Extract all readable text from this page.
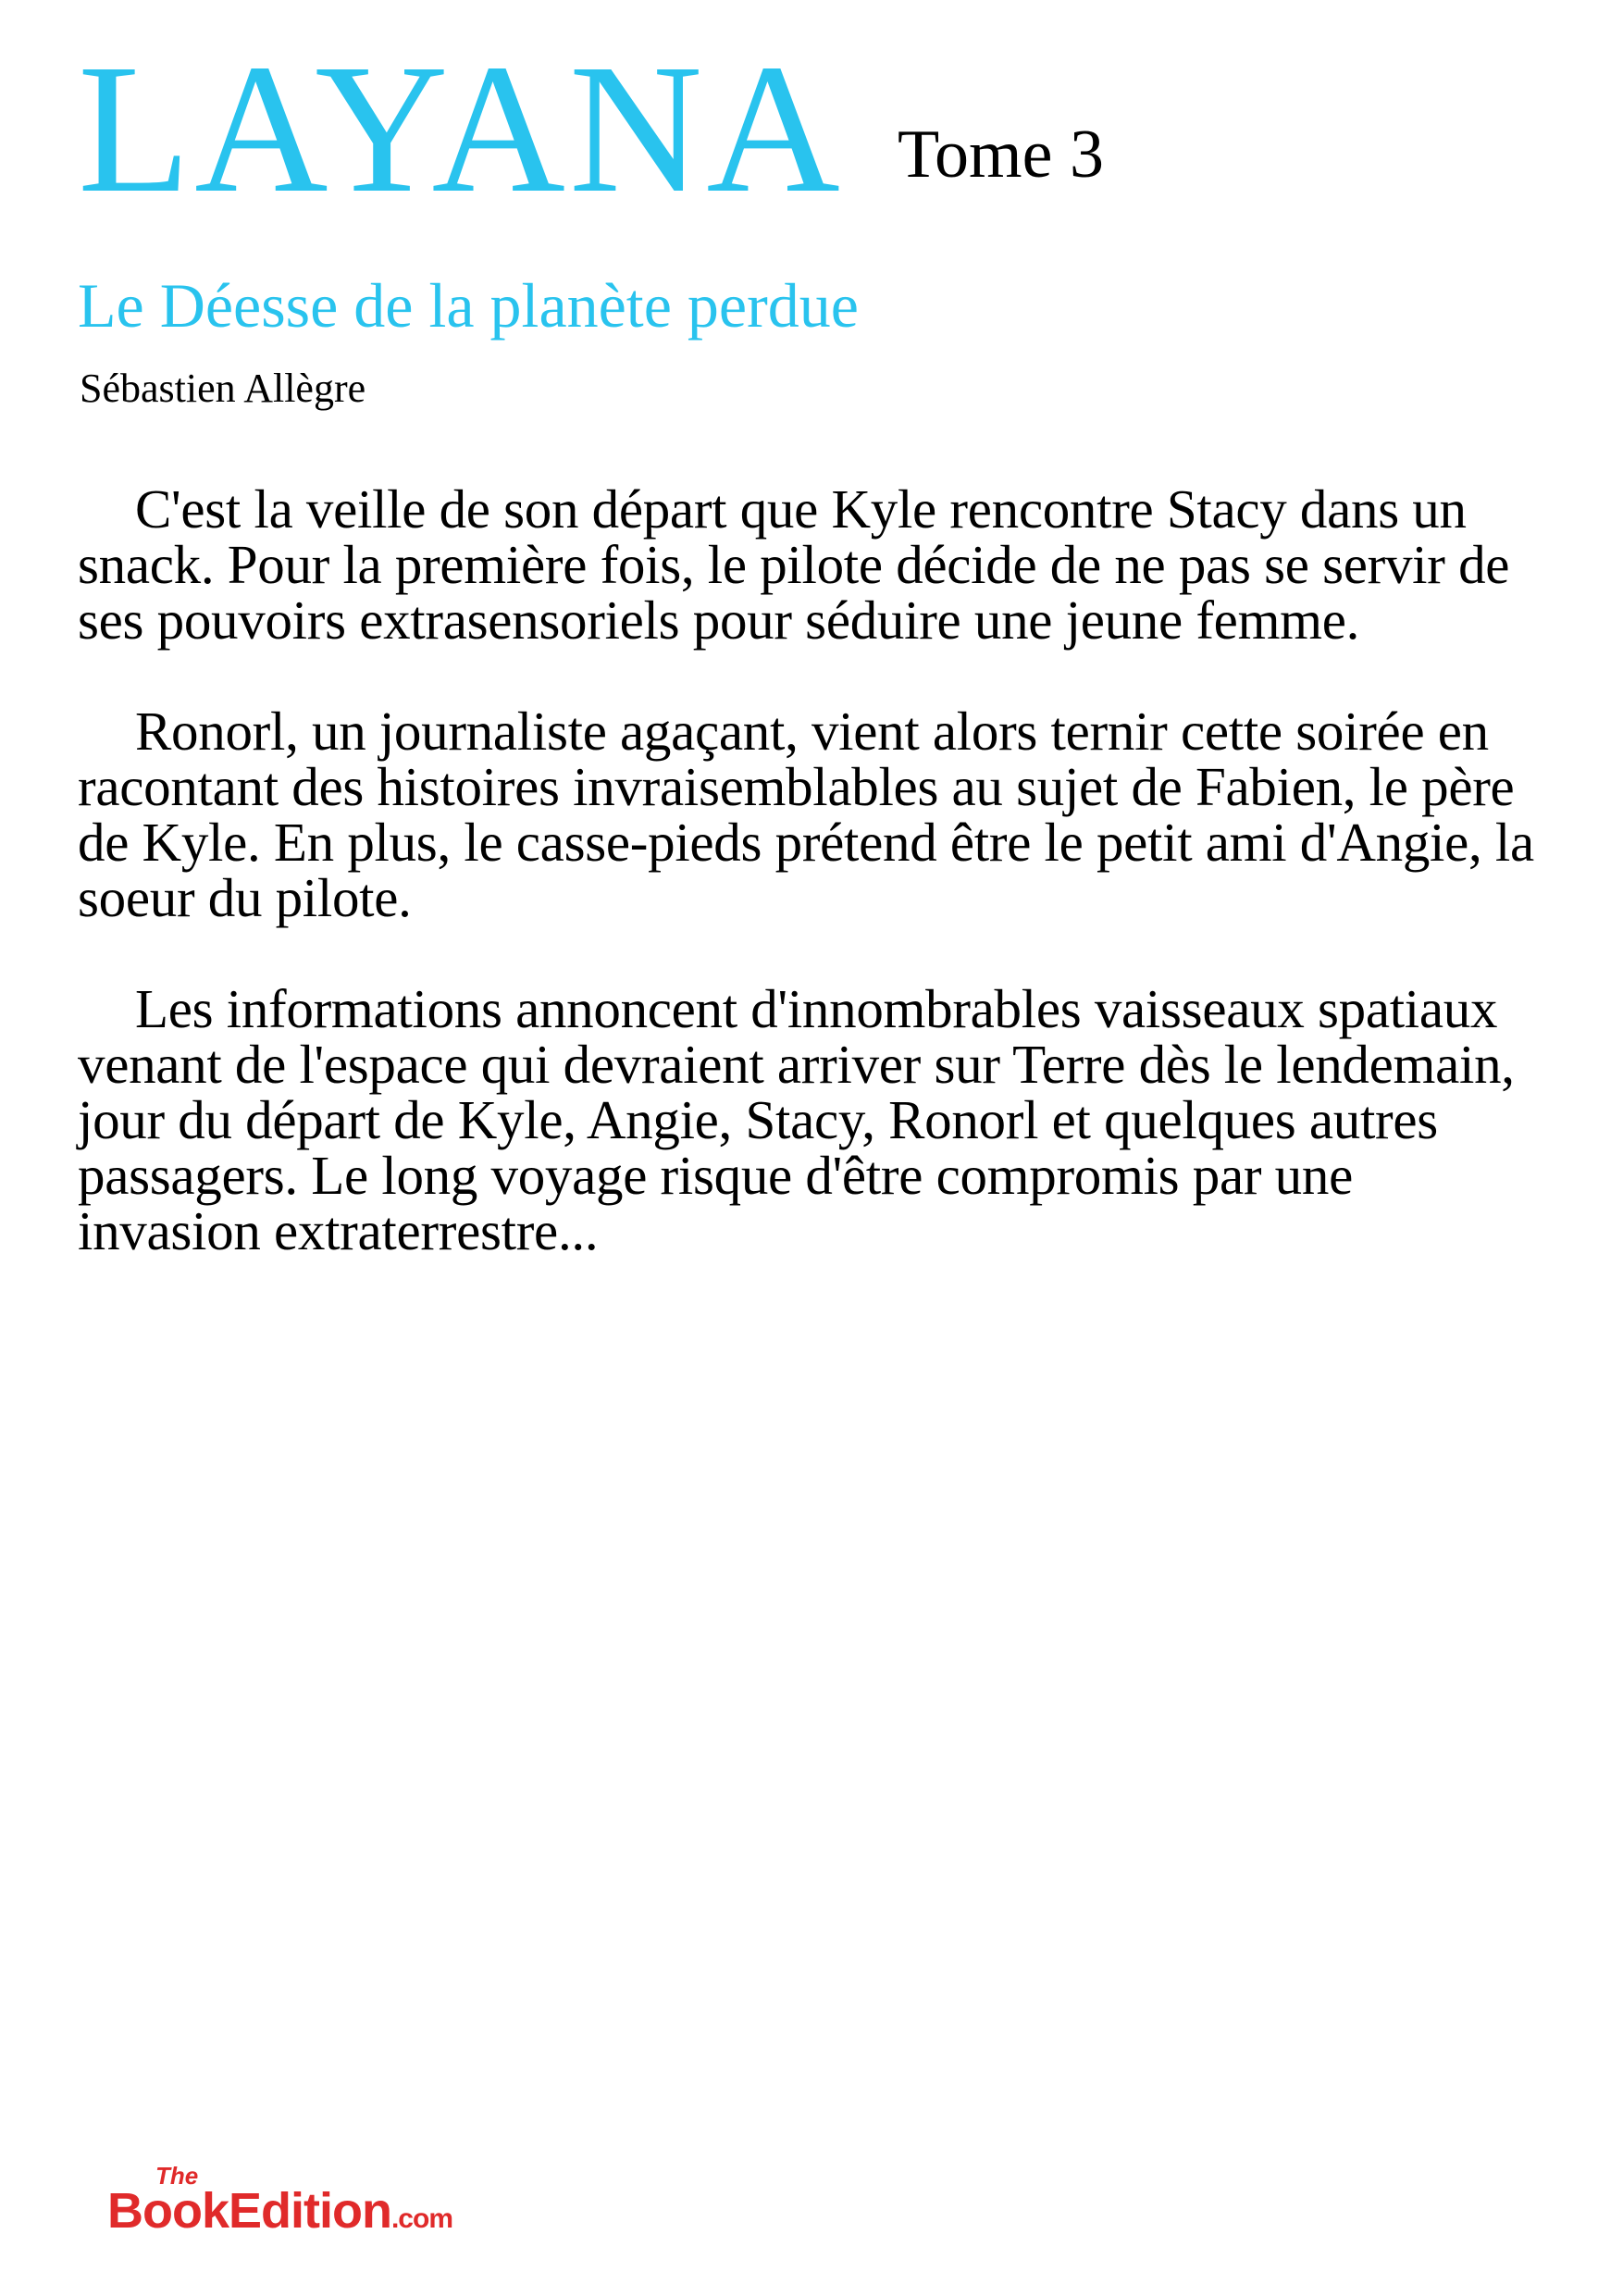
LAYANA Tome 3
Le Déesse de la planète perdue
Sébastien Allègre

C'est la veille de son départ que Kyle rencontre Stacy dans un snack. Pour la première fois, le pilote décide de ne pas se servir de ses pouvoirs extrasensoriels pour séduire une jeune femme.

Ronorl, un journaliste agaçant, vient alors ternir cette soirée en racontant des histoires invraisemblables au sujet de Fabien, le père de Kyle. En plus, le casse-pieds prétend être le petit ami d'Angie, la soeur du pilote.

Les informations annoncent d'innombrables vaisseaux spatiaux venant de l'espace qui devraient arriver sur Terre dès le lendemain, jour du départ de Kyle, Angie, Stacy, Ronorl et quelques autres passagers. Le long voyage risque d'être compromis par une invasion extraterrestre...

The
BookEdition.com
